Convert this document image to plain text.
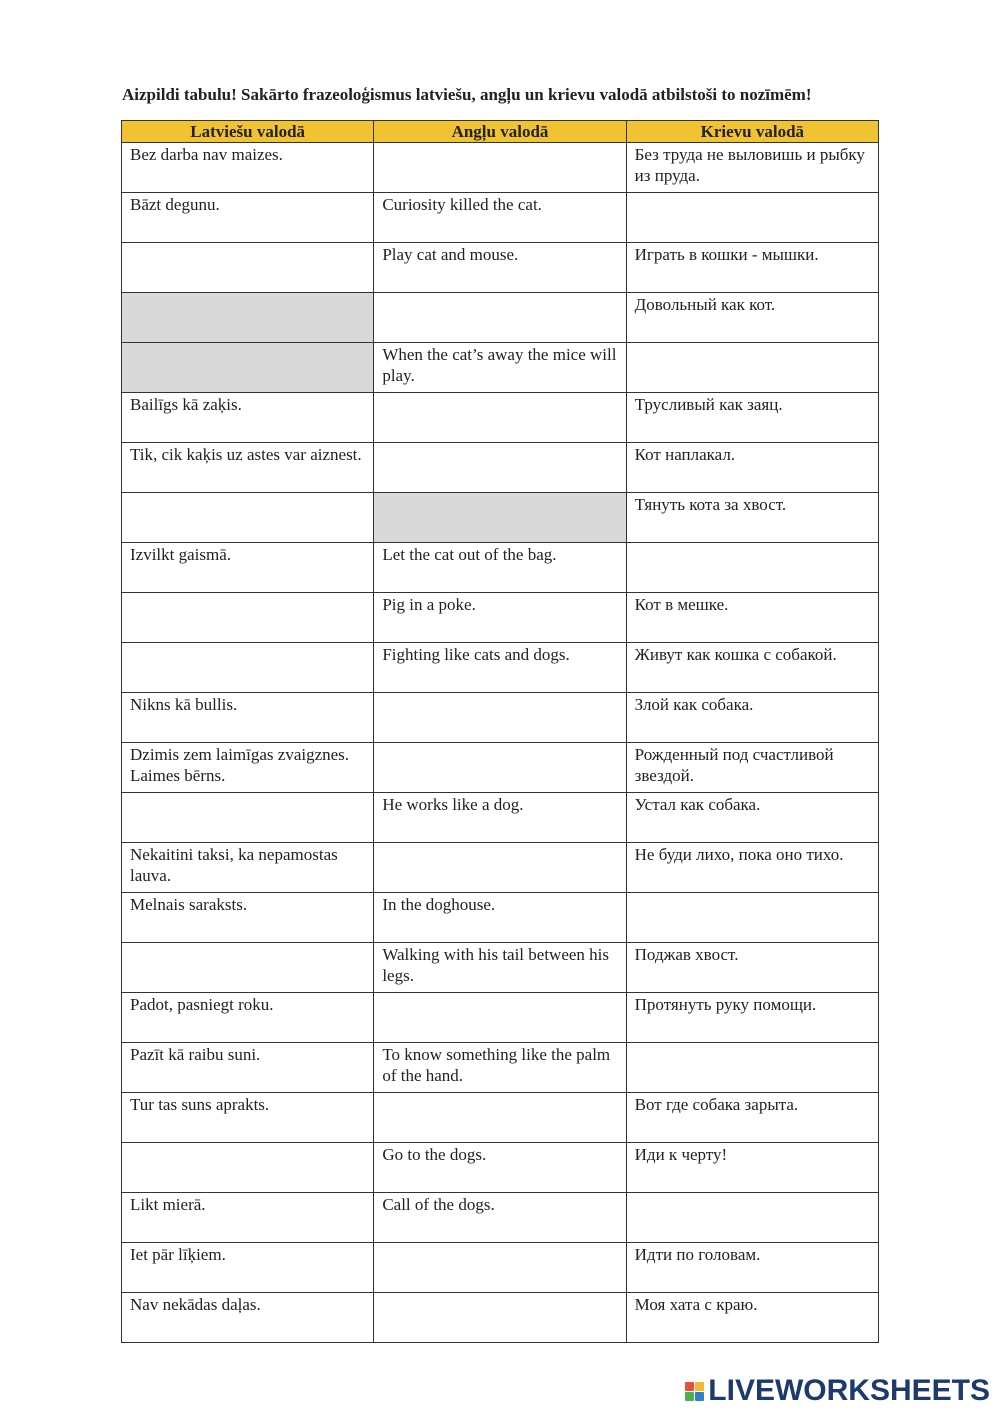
Aizpildi tabulu! Sakārto frazeoloģismus latviešu, angļu un krievu valodā atbilstoši to nozīmēm!
Latviešu valodā	Angļu valodā	Krievu valodā
Bez darba nav maizes.		Без труда не выловишь и рыбку из пруда.
Bāzt degunu.	Curiosity killed the cat.	
	Play cat and mouse.	Играть в кошки - мышки.
		Довольный как кот.
	When the cat’s away the mice will play.	
Bailīgs kā zaķis.		Трусливый как заяц.
Tik, cik kaķis uz astes var aiznest.		Кот наплакал.
		Тянуть кота за хвост.
Izvilkt gaismā.	Let the cat out of the bag.	
	Pig in a poke.	Кот в мешке.
	Fighting like cats and dogs.	Живут как кошка с собакой.
Nikns kā bullis.		Злой как собака.
Dzimis zem laimīgas zvaigznes. Laimes bērns.		Рожденный под счастливой звездой.
	He works like a dog.	Устал как собака.
Nekaitini taksi, ka nepamostas lauva.		Не буди лихо, пока оно тихо.
Melnais saraksts.	In the doghouse.	
	Walking with his tail between his legs.	Поджав хвост.
Padot, pasniegt roku.		Протянуть руку помощи.
Pazīt kā raibu suni.	To know something like the palm of the hand.	
Tur tas suns aprakts.		Вот где собака зарыта.
	Go to the dogs.	Иди к черту!
Likt mierā.	Call of the dogs.	
Iet pār līķiem.		Идти по головам.
Nav nekādas daļas.		Моя хата с краю.
LIVEWORKSHEETS
